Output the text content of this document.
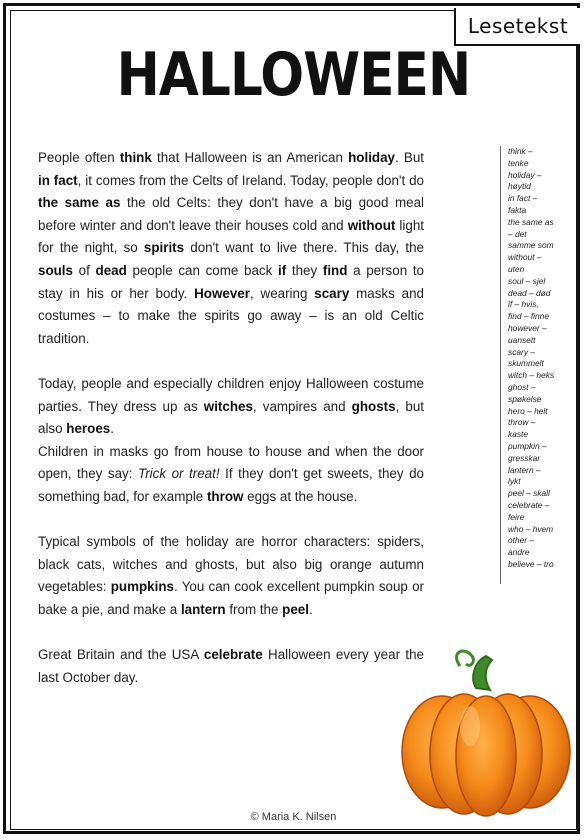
Lesetekst
HALLOWEEN

People often think that Halloween is an American holiday. But in fact, it comes from the Celts of Ireland. Today, people don't do the same as the old Celts: they don't have a big good meal before winter and don't leave their houses cold and without light for the night, so spirits don't want to live there. This day, the souls of dead people can come back if they find a person to stay in his or her body. However, wearing scary masks and costumes – to make the spirits go away – is an old Celtic tradition.

Today, people and especially children enjoy Halloween costume parties. They dress up as witches, vampires and ghosts, but also heroes.

Children in masks go from house to house and when the door open, they say: Trick or treat! If they don't get sweets, they do something bad, for example throw eggs at the house.

Typical symbols of the holiday are horror characters: spiders, black cats, witches and ghosts, but also big orange autumn vegetables: pumpkins. You can cook excellent pumpkin soup or bake a pie, and make a lantern from the peel.

Great Britain and the USA celebrate Halloween every year the last October day.

think –
tenke
holiday –
høytid
in fact –
fakta
the same as
– det
samme som
without –
uten
soul – sjel
dead – død
if – hvis,
find – finne
however –
uansett
scary –
skummelt
witch – heks
ghost –
spøkelse
hero – helt
throw –
kaste
pumpkin –
gresskar
lantern –
lykt
peel – skall
celebrate –
feire
who – hvem
other –
andre
believe – tro
© Maria K. Nilsen
